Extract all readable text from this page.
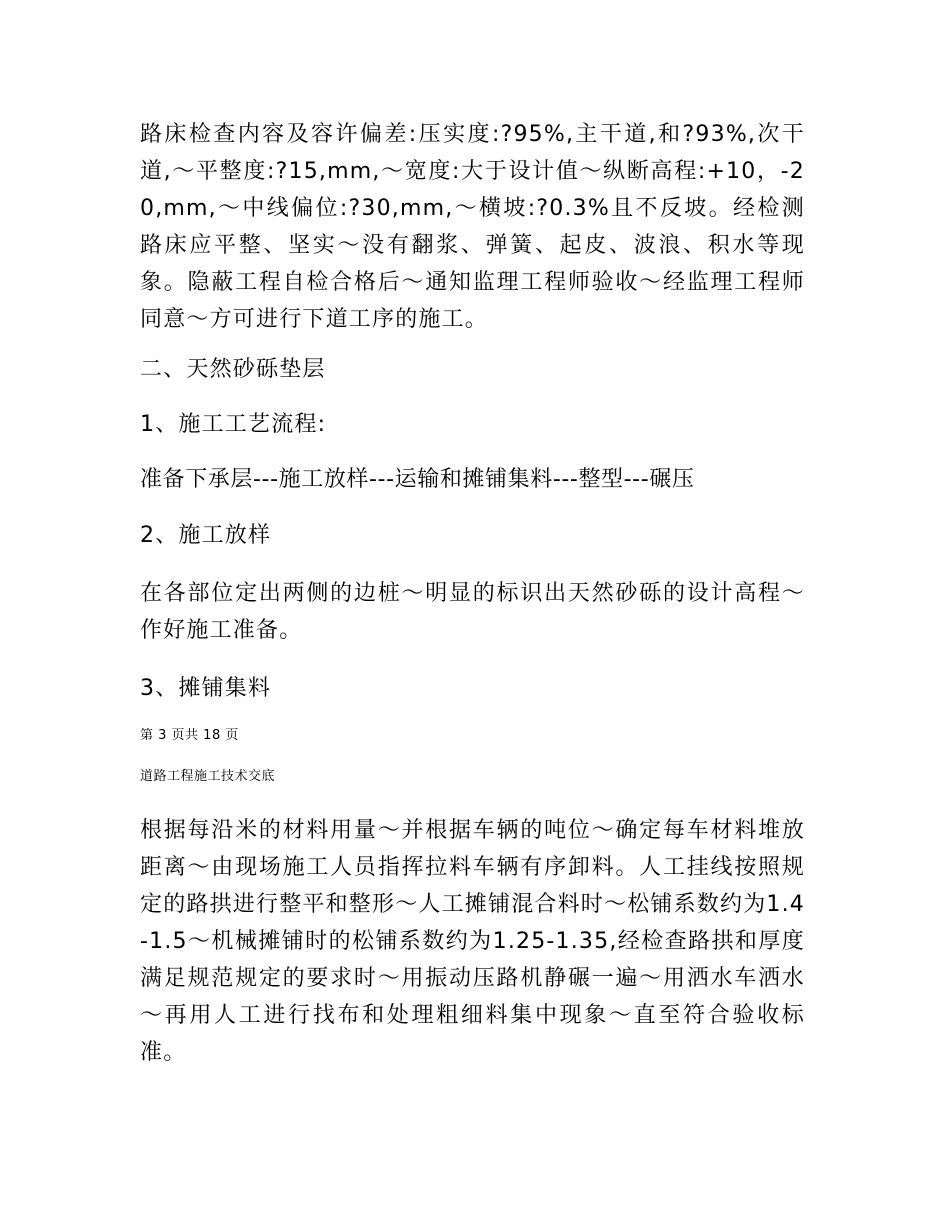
路床检查内容及容许偏差:压实度:?95%,主干道,和?93%,次干道,～平整度:?15,mm,～宽度:大于设计值～纵断高程:+10，-20,mm,～中线偏位:?30,mm,～横坡:?0.3%且不反坡。经检测路床应平整、坚实～没有翻浆、弹簧、起皮、波浪、积水等现象。隐蔽工程自检合格后～通知监理工程师验收～经监理工程师同意～方可进行下道工序的施工。

二、天然砂砾垫层

1、施工工艺流程:

准备下承层---施工放样---运输和摊铺集料---整型---碾压

2、施工放样

在各部位定出两侧的边桩～明显的标识出天然砂砾的设计高程～作好施工准备。

3、摊铺集料

第 3 页共 18 页

道路工程施工技术交底

根据每沿米的材料用量～并根据车辆的吨位～确定每车材料堆放距离～由现场施工人员指挥拉料车辆有序卸料。人工挂线按照规定的路拱进行整平和整形～人工摊铺混合料时～松铺系数约为1.4-1.5～机械摊铺时的松铺系数约为1.25-1.35,经检查路拱和厚度满足规范规定的要求时～用振动压路机静碾一遍～用洒水车洒水～再用人工进行找布和处理粗细料集中现象～直至符合验收标准。
